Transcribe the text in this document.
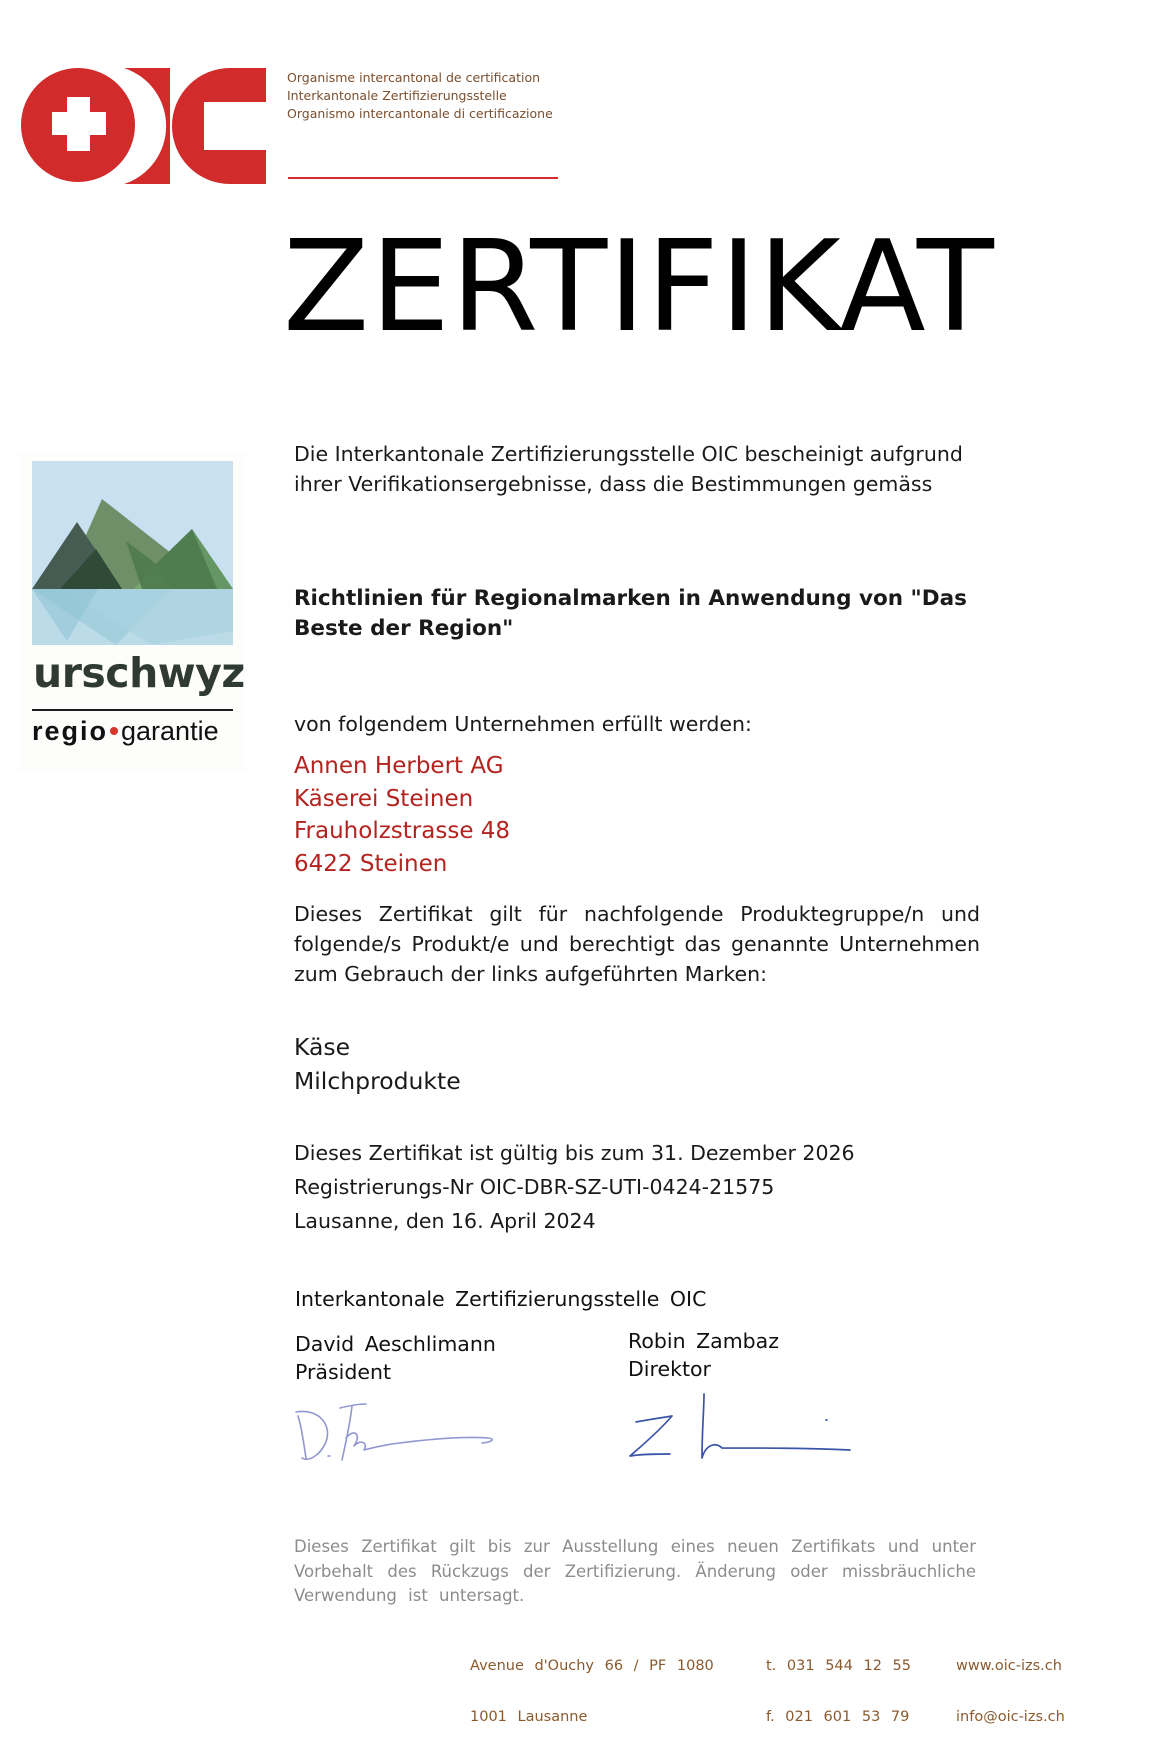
Organisme intercantonal de certification
Interkantonale Zertifizierungsstelle
Organismo intercantonale di certificazione
ZERTIFIKAT
urschwyz
regio garantie
Die Interkantonale Zertifizierungsstelle OIC bescheinigt aufgrund ihrer Verifikationsergebnisse, dass die Bestimmungen gemäss
Richtlinien für Regionalmarken in Anwendung von "Das Beste der Region"
von folgendem Unternehmen erfüllt werden:
Annen Herbert AG
Käserei Steinen
Frauholzstrasse 48
6422 Steinen
Dieses Zertifikat gilt für nachfolgende Produktegruppe/n und folgende/s Produkt/e und berechtigt das genannte Unternehmen zum Gebrauch der links aufgeführten Marken:
Käse
Milchprodukte
Dieses Zertifikat ist gültig bis zum 31. Dezember 2026
Registrierungs-Nr OIC-DBR-SZ-UTI-0424-21575
Lausanne, den 16. April 2024
Interkantonale Zertifizierungsstelle OIC
David Aeschlimann
Präsident
Robin Zambaz
Direktor
Dieses Zertifikat gilt bis zur Ausstellung eines neuen Zertifikats und unter Vorbehalt des Rückzugs der Zertifizierung. Änderung oder missbräuchliche Verwendung ist untersagt.

Avenue d'Ouchy 66 / PF 1080

1001 Lausanne

t. 031 544 12 55

f. 021 601 53 79

www.oic-izs.ch

info@oic-izs.ch
